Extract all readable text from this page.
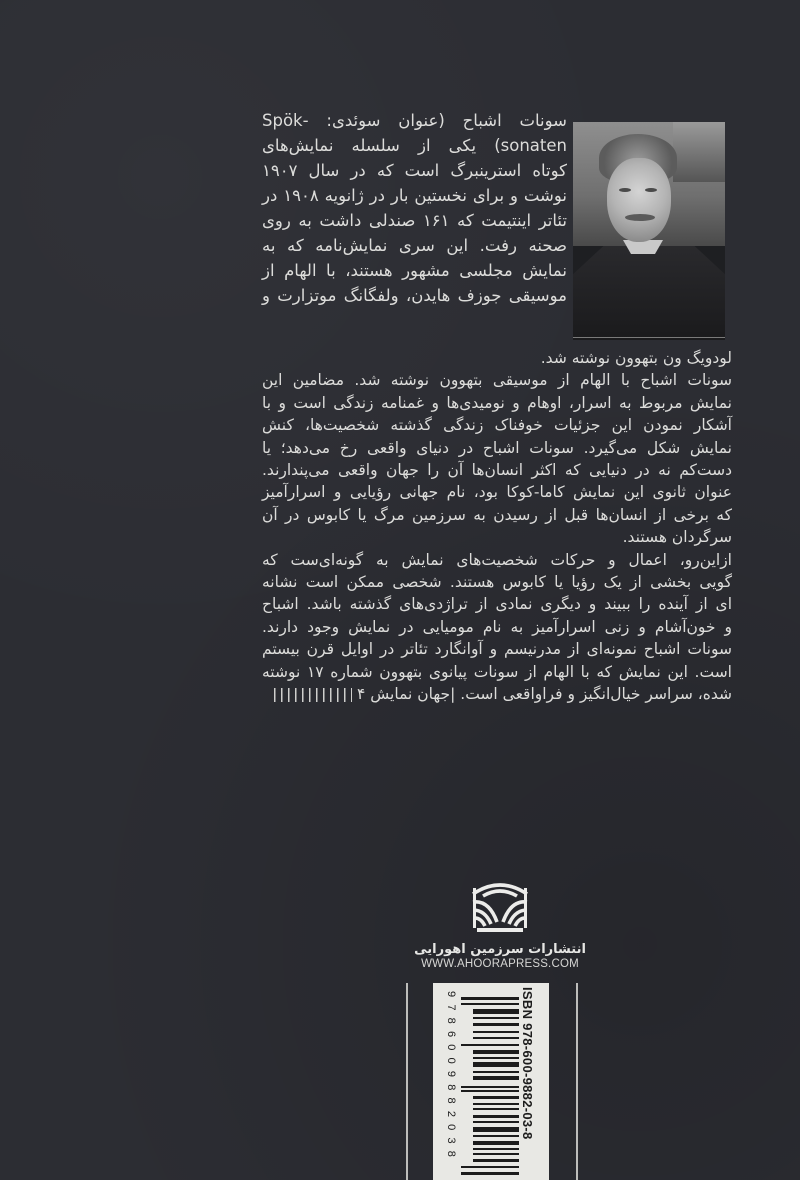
سونات اشباح (عنوان سوئدی: -Spök
sonaten) یکی از سلسله نمایش‌های
کوتاه استرینبرگ است که در سال ۱۹۰۷
نوشت و برای نخستین بار در ژانویه ۱۹۰۸ در
تئاتر اینتیمت که ۱۶۱ صندلی داشت به روی
صحنه رفت. این سری نمایش‌نامه که به
نمایش مجلسی مشهور هستند، با الهام از
موسیقی جوزف هایدن، ولفگانگ موتزارت و
لودویگ ون بتهوون نوشته شد.
سونات اشباح با الهام از موسیقی بتهوون نوشته شد. مضامین این
نمایش مربوط به اسرار، اوهام و نومیدی‌ها و غمنامه زندگی است و با
آشکار نمودن این جزئیات خوفناک زندگی گذشته شخصیت‌ها، کنش
نمایش شکل می‌گیرد. سونات اشباح در دنیای واقعی رخ می‌دهد؛ یا
دست‌کم نه در دنیایی که اکثر انسان‌ها آن را جهان واقعی می‌پندارند.
عنوان ثانوی این نمایش کاما-کوکا بود، نام جهانی رؤیایی و اسرارآمیز
که برخی از انسان‌ها قبل از رسیدن به سرزمین مرگ یا کابوس در آن
سرگردان هستند.
ازاین‌رو، اعمال و حرکات شخصیت‌های نمایش به گونه‌ای‌ست که
گویی بخشی از یک رؤیا یا کابوس هستند. شخصی ممکن است نشانه
ای از آینده را ببیند و دیگری نمادی از تراژدی‌های گذشته باشد. اشباح
و خون‌آشام و زنی اسرارآمیز به نام مومیایی در نمایش وجود دارند.
سونات اشباح نمونه‌ای از مدرنیسم و آوانگارد تئاتر در اوایل قرن بیستم
است. این نمایش که با الهام از سونات پیانوی بتهوون شماره ۱۷ نوشته
شده، سراسر خیال‌انگیز و فراواقعی است. |جهان نمایش ۴
انتشارات سرزمین اهورایی
WWW.AHOORAPRESS.COM
ISBN 978-600-9882-03-8
9786009882038
